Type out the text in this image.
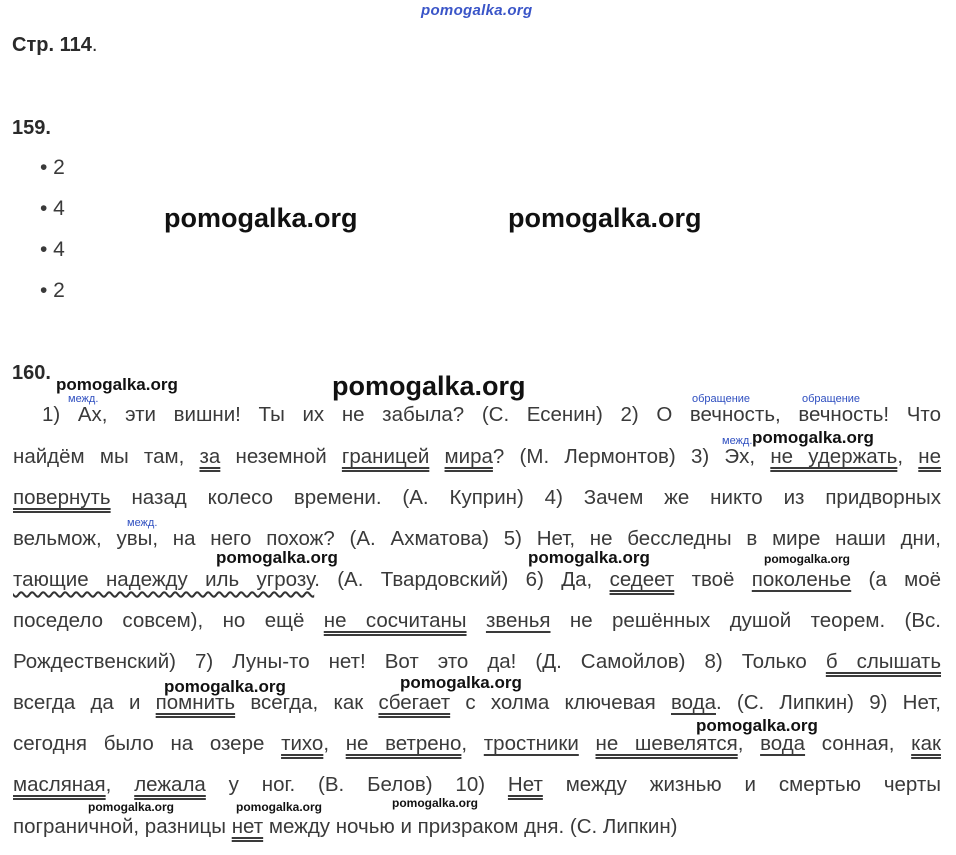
pomogalka.org
Стр. 114.
159.
• 2
• 4
• 4
• 2
pomogalka.org	pomogalka.org
160.
pomogalka.org	pomogalka.org
межд.	обращение	обращение
межд.
межд.
1) Ах, эти вишни! Ты их не забыла? (С. Есенин) 2) О вечность, вечность! Что
найдём мы там, за неземной границей мира? (М. Лермонтов) 3) Эх, не удержать, не
повернуть назад колесо времени. (А. Куприн) 4) Зачем же никто из придворных
вельмож, увы, на него похож? (А. Ахматова) 5) Нет, не бесследны в мире наши дни,
тающие надежду иль угрозу. (А. Твардовский) 6) Да, седеет твоё поколенье (а моё
поседело совсем), но ещё не сосчитаны звенья не решённых душой теорем. (Вс.
Рождественский) 7) Луны-то нет! Вот это да! (Д. Самойлов) 8) Только б слышать
всегда да и помнить всегда, как сбегает с холма ключевая вода. (С. Липкин) 9) Нет,
сегодня было на озере тихо, не ветрено, тростники не шевелятся, вода сонная, как
масляная, лежала у ног. (В. Белов) 10) Нет между жизнью и смертью черты
пограничной, разницы нет между ночью и призраком дня. (С. Липкин)
pomogalka.org
pomogalka.org	pomogalka.org	pomogalka.org
pomogalka.org	pomogalka.org
pomogalka.org
pomogalka.org	pomogalka.org	pomogalka.org
